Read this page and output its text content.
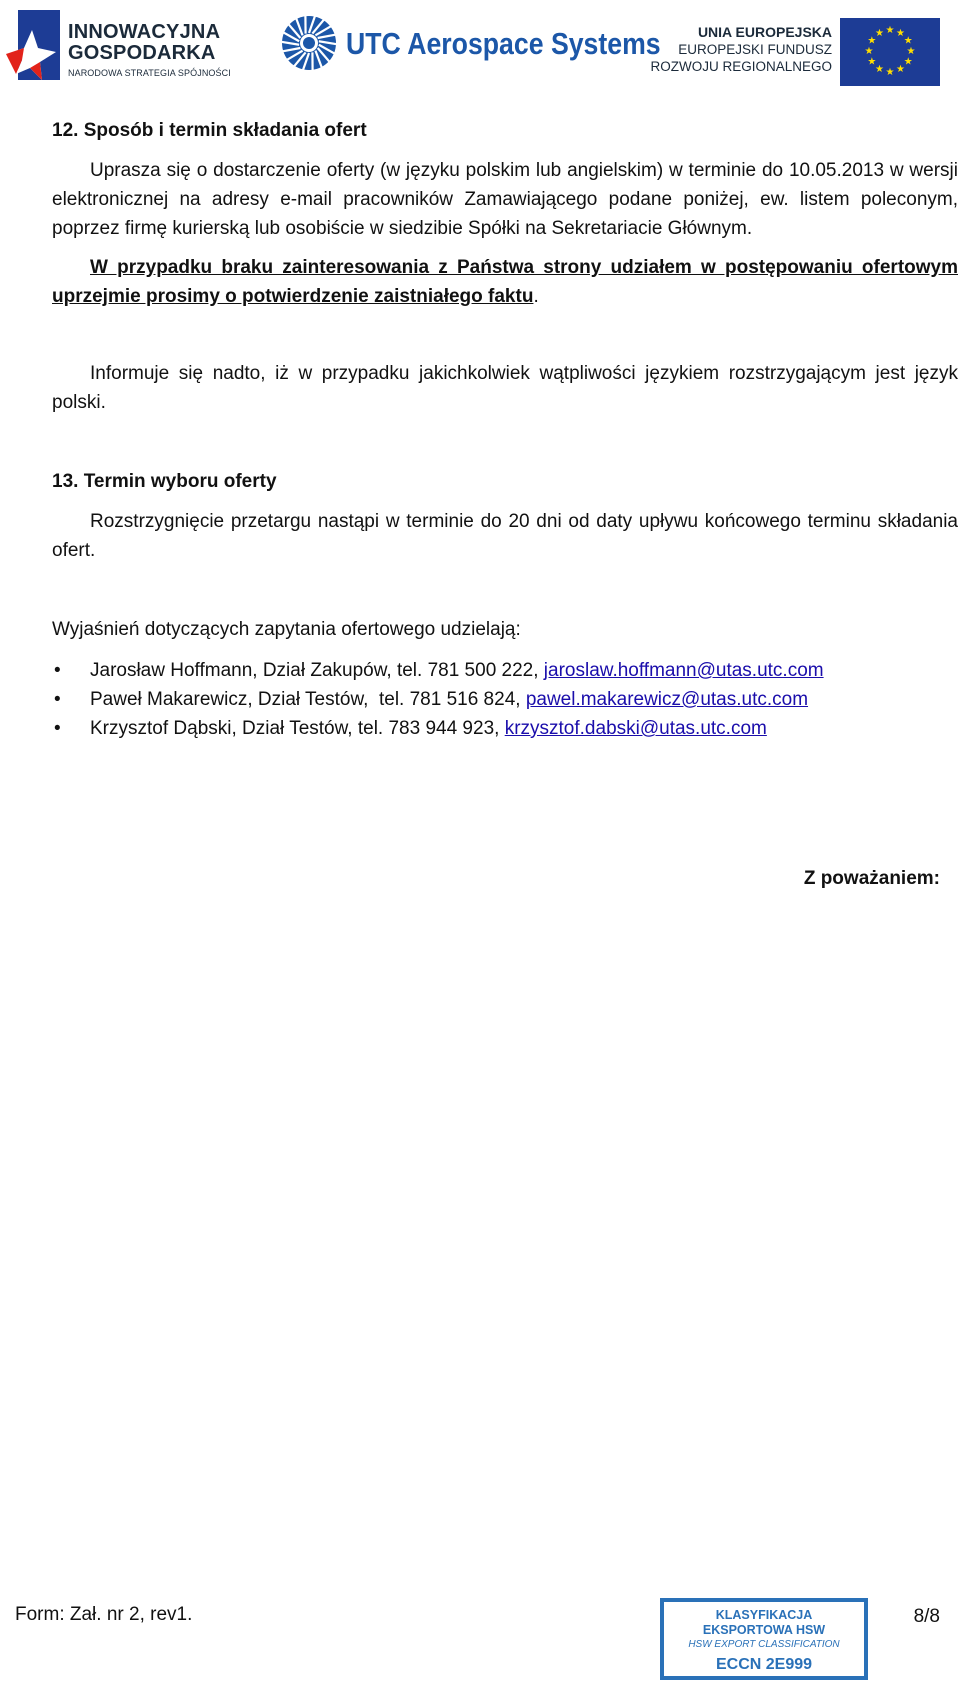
INNOWACYJNA
GOSPODARKA
NARODOWA STRATEGIA SPÓJNOŚCI
UTC Aerospace Systems	UNIA EUROPEJSKA
EUROPEJSKI FUNDUSZ
ROZWOJU REGIONALNEGO
★ ★
★
★
★
★
★
★
★
★
★
★
12. Sposób i termin składania ofert
Uprasza się o dostarczenie oferty (w języku polskim lub angielskim) w terminie do 10.05.2013 w wersji elektronicznej na adresy e-mail pracowników Zamawiającego podane poniżej, ew. listem poleconym, poprzez firmę kurierską lub osobiście w siedzibie Spółki na Sekretariacie Głównym.
W przypadku braku zainteresowania z Państwa strony udziałem w postępowaniu ofertowym uprzejmie prosimy o potwierdzenie zaistniałego faktu.
Informuje się nadto, iż w przypadku jakichkolwiek wątpliwości językiem rozstrzygającym jest język polski.
13. Termin wyboru oferty
Rozstrzygnięcie przetargu nastąpi w terminie do 20 dni od daty upływu końcowego terminu składania ofert.
Wyjaśnień dotyczących zapytania ofertowego udzielają:
• Jarosław Hoffmann, Dział Zakupów, tel. 781 500 222, jaroslaw.hoffmann@utas.utc.com
• Paweł Makarewicz, Dział Testów,  tel. 781 516 824, pawel.makarewicz@utas.utc.com
• Krzysztof Dąbski, Dział Testów, tel. 783 944 923, krzysztof.dabski@utas.utc.com
Z poważaniem:
Form: Zał. nr 2, rev1.	KLASYFIKACJA
EKSPORTOWA HSW
HSW EXPORT CLASSIFICATION
ECCN 2E999
8/8
